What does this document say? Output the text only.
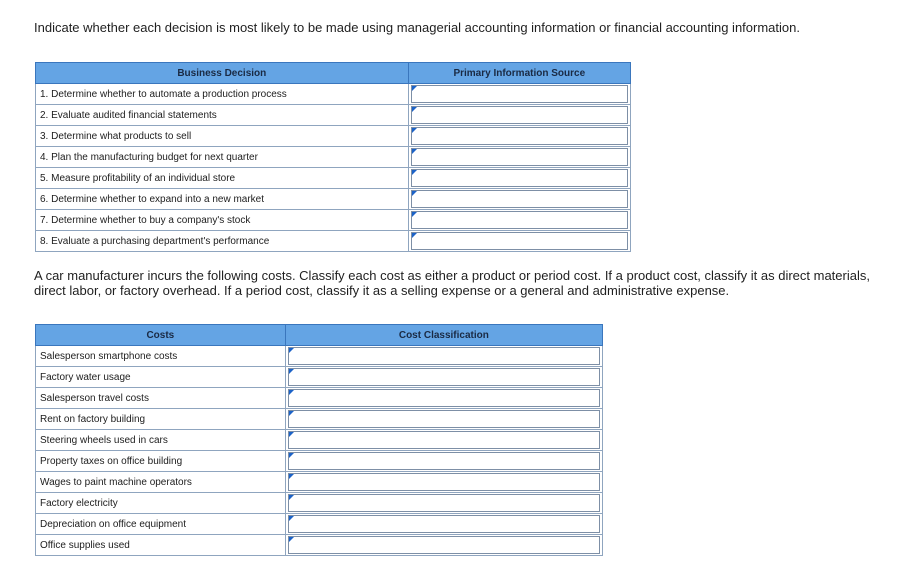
Indicate whether each decision is most likely to be made using managerial accounting information or financial accounting information.
Business Decision	Primary Information Source
1. Determine whether to automate a production process	

2. Evaluate audited financial statements	

3. Determine what products to sell	

4. Plan the manufacturing budget for next quarter	

5. Measure profitability of an individual store	

6. Determine whether to expand into a new market	

7. Determine whether to buy a company's stock	

8. Evaluate a purchasing department's performance	
A car manufacturer incurs the following costs. Classify each cost as either a product or period cost. If a product cost, classify it as direct materials, direct labor, or factory overhead. If a period cost, classify it as a selling expense or a general and administrative expense.
Costs	Cost Classification
Salesperson smartphone costs	

Factory water usage	

Salesperson travel costs	

Rent on factory building	

Steering wheels used in cars	

Property taxes on office building	

Wages to paint machine operators	

Factory electricity	

Depreciation on office equipment	

Office supplies used	
